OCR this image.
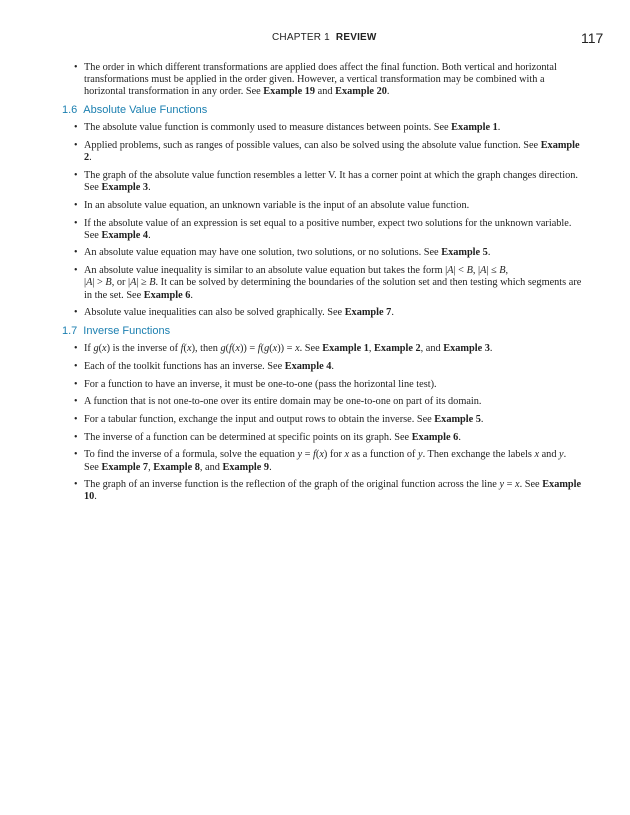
CHAPTER 1 REVIEW	117
• The order in which different transformations are applied does affect the final function. Both vertical and horizontal transformations must be applied in the order given. However, a vertical transformation may be combined with a horizontal transformation in any order. See Example 19 and Example 20.
1.6 Absolute Value Functions
• The absolute value function is commonly used to measure distances between points. See Example 1.
• Applied problems, such as ranges of possible values, can also be solved using the absolute value function. See Example 2.
• The graph of the absolute value function resembles a letter V. It has a corner point at which the graph changes direction. See Example 3.
• In an absolute value equation, an unknown variable is the input of an absolute value function.
• If the absolute value of an expression is set equal to a positive number, expect two solutions for the unknown variable. See Example 4.
• An absolute value equation may have one solution, two solutions, or no solutions. See Example 5.
• An absolute value inequality is similar to an absolute value equation but takes the form |A| < B, |A| ≤ B,
|A| > B, or |A| ≥ B. It can be solved by determining the boundaries of the solution set and then testing which segments are in the set. See Example 6.
• Absolute value inequalities can also be solved graphically. See Example 7.
1.7 Inverse Functions
• If g(x) is the inverse of f(x), then g(f(x)) = f(g(x)) = x. See Example 1, Example 2, and Example 3.
• Each of the toolkit functions has an inverse. See Example 4.
• For a function to have an inverse, it must be one-to-one (pass the horizontal line test).
• A function that is not one-to-one over its entire domain may be one-to-one on part of its domain.
• For a tabular function, exchange the input and output rows to obtain the inverse. See Example 5.
• The inverse of a function can be determined at specific points on its graph. See Example 6.
• To find the inverse of a formula, solve the equation y = f(x) for x as a function of y. Then exchange the labels x and y. See Example 7, Example 8, and Example 9.
• The graph of an inverse function is the reflection of the graph of the original function across the line y = x. See Example 10.
